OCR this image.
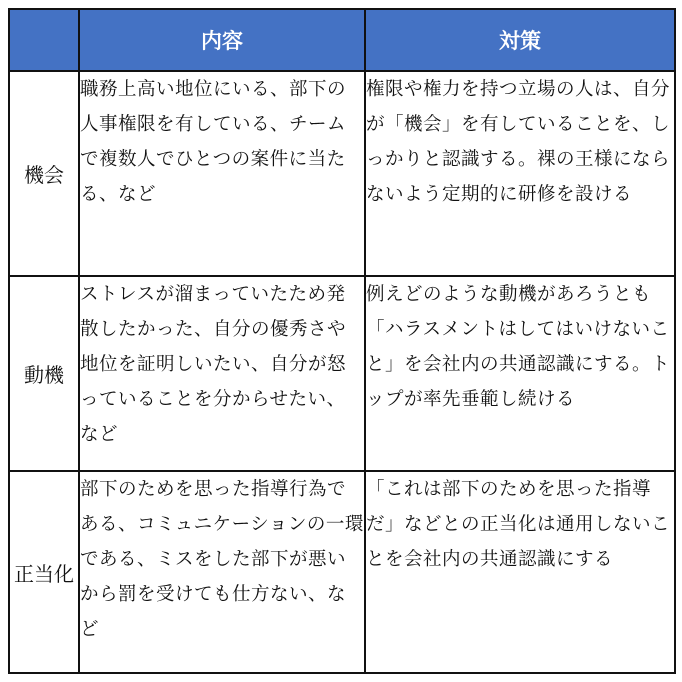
	内容	対策
機会	職務上高い地位にいる、部下の人事権限を有している、チームで複数人でひとつの案件に当たる、など	権限や権力を持つ立場の人は、自分が「機会」を有していることを、しっかりと認識する。裸の王様にならないよう定期的に研修を設ける
動機	ストレスが溜まっていたため発散したかった、自分の優秀さや地位を証明しいたい、自分が怒っていることを分からせたい、など	例えどのような動機があろうとも「ハラスメントはしてはいけないこと」を会社内の共通認識にする。トップが率先垂範し続ける
正当化	部下のためを思った指導行為である、コミュニケーションの一環である、ミスをした部下が悪いから罰を受けても仕方ない、など	「これは部下のためを思った指導だ」などとの正当化は通用しないことを会社内の共通認識にする
